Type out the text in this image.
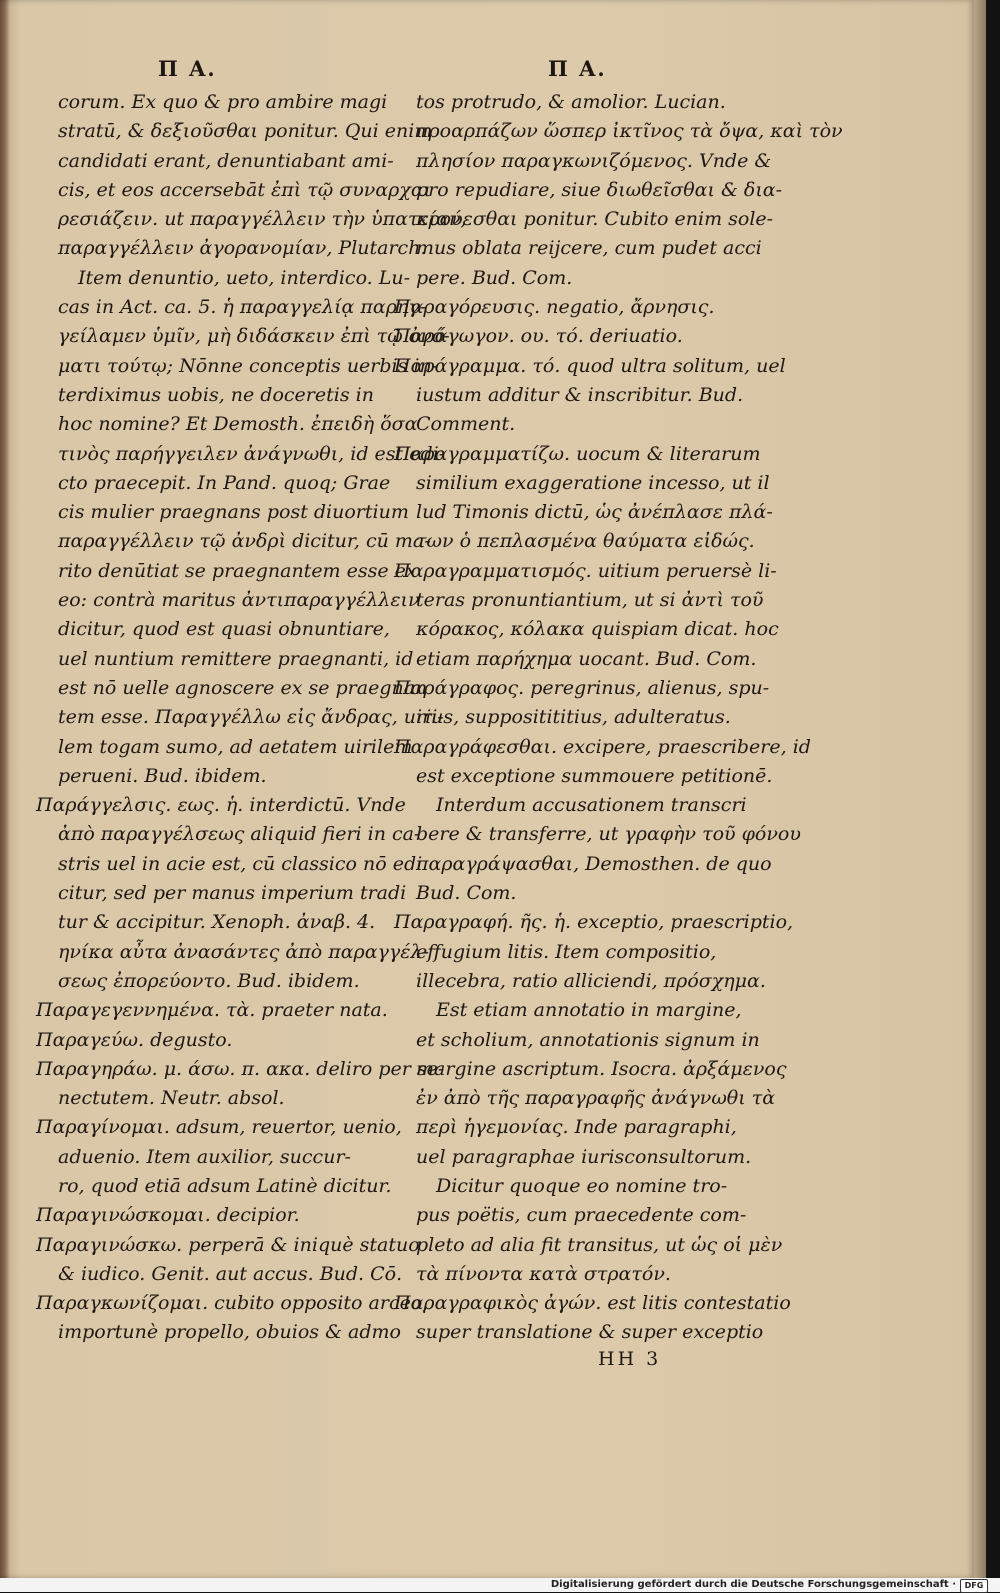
Π A.	Π A.
corum. Ex quo & pro ambire magi
stratū, & δεξιοῦσθαι ponitur. Qui enim
candidati erant, denuntiabant ami-
cis, et eos accersebāt ἐπὶ τῷ συναρχαι
ρεσιάζειν. ut παραγγέλλειν τὴν ὑπατείαν,
παραγγέλλειν ἀγορανομίαν, Plutarch.
Item denuntio, ueto, interdico. Lu-
cas in Act. ca. 5. ἡ παραγγελίᾳ παρηγ-
γείλαμεν ὑμῖν, μὴ διδάσκειν ἐπὶ τῷ ὀνό-
ματι τούτῳ; Nōnne conceptis uerbis in-
terdiximus uobis, ne doceretis in
hoc nomine? Et Demosth. ἐπειδὴ ὅσα
τινὸς παρήγγειλεν ἀνάγνωθι, id est edi-
cto praecepit. In Pand. quoq; Grae
cis mulier praegnans post diuortium
παραγγέλλειν τῷ ἀνδρὶ dicitur, cū ma-
rito denūtiat se praegnantem esse ex
eo: contrà maritus ἀντιπαραγγέλλειν
dicitur, quod est quasi obnuntiare,
uel nuntium remittere praegnanti, id
est nō uelle agnoscere ex se praegnan
tem esse. Παραγγέλλω εἰς ἄνδρας, uiri-
lem togam sumo, ad aetatem uirilem
perueni. Bud. ibidem.
Παράγγελσις. εως. ἡ. interdictū. Vnde
ἀπὸ παραγγέλσεως aliquid fieri in ca-
stris uel in acie est, cū classico nō edi
citur, sed per manus imperium tradi
tur & accipitur. Xenoph. ἀναβ. 4.
ηνίκα αὖτα ἀνασάντες ἀπὸ παραγγέλ-
σεως ἐπορεύοντο. Bud. ibidem.
Παραγεγεννημένα. τὰ. praeter nata.
Παραγεύω. degusto.
Παραγηράω. μ. άσω. π. ακα. deliro per se-
nectutem. Neutr. absol.
Παραγίνομαι. adsum, reuertor, uenio,
aduenio. Item auxilior, succur-
ro, quod etiā adsum Latinè dicitur.
Παραγινώσκομαι. decipior.
Παραγινώσκω. perperā & iniquè statuo
& iudico. Genit. aut accus. Bud. Cō.
Παραγκωνίζομαι. cubito opposito arceo,
importunè propello, obuios & admo
tos protrudo, & amolior. Lucian.
προαρπάζων ὥσπερ ἰκτῖνος τὰ ὄψα, καὶ τὸν
πλησίον παραγκωνιζόμενος. Vnde &
pro repudiare, siue διωθεῖσθαι & δια-
κρούεσθαι ponitur. Cubito enim sole-
mus oblata reijcere, cum pudet acci
pere. Bud. Com.
Παραγόρευσις. negatio, ἄρνησις.
Παράγωγον. ου. τό. deriuatio.
Παράγραμμα. τό. quod ultra solitum, uel
iustum additur & inscribitur. Bud.
Comment.
Παραγραμματίζω. uocum & literarum
similium exaggeratione incesso, ut il
lud Timonis dictū, ὡς ἀνέπλασε πλά-
των ὁ πεπλασμένα θαύματα εἰδώς.
Παραγραμματισμός. uitium peruersè li-
teras pronuntiantium, ut si ἀντὶ τοῦ
κόρακος, κόλακα quispiam dicat. hoc
etiam παρήχημα uocant. Bud. Com.
Παράγραφος. peregrinus, alienus, spu-
rius, suppositititius, adulteratus.
Παραγράφεσθαι. excipere, praescribere, id
est exceptione summouere petitionē.
Interdum accusationem transcri
bere & transferre, ut γραφὴν τοῦ φόνου
παραγράψασθαι, Demosthen. de quo
Bud. Com.
Παραγραφή. ῆς. ἡ. exceptio, praescriptio,
effugium litis. Item compositio,
illecebra, ratio alliciendi, πρόσχημα.
Est etiam annotatio in margine,
et scholium, annotationis signum in
margine ascriptum. Isocra. ἀρξάμενος
ἐν ἀπὸ τῆς παραγραφῆς ἀνάγνωθι τὰ
περὶ ἡγεμονίας. Inde paragraphi,
uel paragraphae iurisconsultorum.
Dicitur quoque eo nomine tro-
pus poëtis, cum praecedente com-
pleto ad alia fit transitus, ut ὡς οἱ μὲν
τὰ πίνοντα κατὰ στρατόν.
Παραγραφικὸς ἀγών. est litis contestatio
super translatione & super exceptio
HH 3
Digitalisierung gefördert durch die Deutsche Forschungsgemeinschaft ·	DFG
